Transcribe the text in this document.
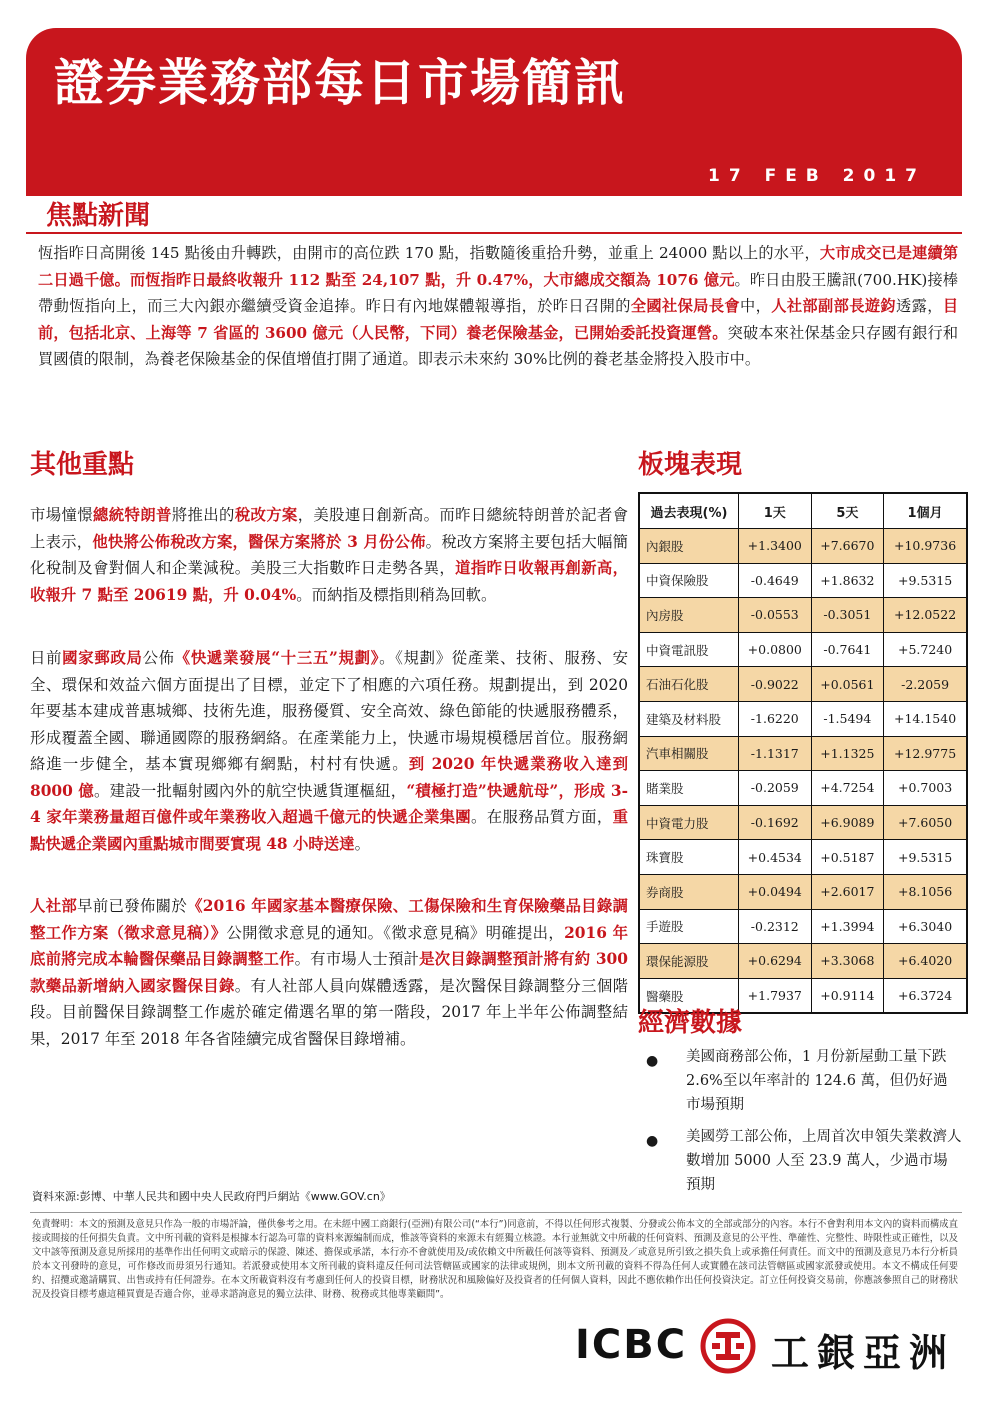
證券業務部每日市場簡訊
17 FEB 2017
焦點新聞
恆指昨日高開後 145 點後由升轉跌，由開市的高位跌 170 點，指數隨後重拾升勢，並重上 24000 點以上的水平，大市成交已是連續第二日過千億。而恆指昨日最終收報升 112 點至 24,107 點，升 0.47%，大市總成交額為 1076 億元。昨日由股王騰訊(700.HK)接棒帶動恆指向上，而三大內銀亦繼續受資金追捧。昨日有內地媒體報導指，於昨日召開的全國社保局長會中，人社部副部長遊鈞透露，目前，包括北京、上海等 7 省區的 3600 億元（人民幣，下同）養老保險基金，已開始委託投資運營。突破本來社保基金只存國有銀行和買國債的限制，為養老保險基金的保值增值打開了通道。即表示未來約 30%比例的養老基金將投入股市中。
其他重點

市場憧憬總統特朗普將推出的稅改方案，美股連日創新高。而昨日總統特朗普於記者會上表示，他快將公佈稅改方案，醫保方案將於 3 月份公佈。稅改方案將主要包括大幅簡化稅制及會對個人和企業減稅。美股三大指數昨日走勢各異，道指昨日收報再創新高，收報升 7 點至 20619 點，升 0.04%。而納指及標指則稍為回軟。

日前國家郵政局公佈《快遞業發展“十三五”規劃》。《規劃》從產業、技術、服務、安全、環保和效益六個方面提出了目標，並定下了相應的六項任務。規劃提出，到 2020 年要基本建成普惠城鄉、技術先進，服務優質、安全高效、綠色節能的快遞服務體系，形成覆蓋全國、聯通國際的服務網絡。在產業能力上，快遞市場規模穩居首位。服務網絡進一步健全，基本實現鄉鄉有網點，村村有快遞。到 2020 年快遞業務收入達到 8000 億。建設一批輻射國內外的航空快遞貨運樞紐，“積極打造”快遞航母”，形成 3-4 家年業務量超百億件或年業務收入超過千億元的快遞企業集團。在服務品質方面，重點快遞企業國內重點城市間要實現 48 小時送達。

人社部早前已發佈關於《2016 年國家基本醫療保險、工傷保險和生育保險藥品目錄調整工作方案（徵求意見稿）》公開徵求意見的通知。《徵求意見稿》明確提出，2016 年底前將完成本輪醫保藥品目錄調整工作。有市場人士預計是次目錄調整預計將有約 300 款藥品新增納入國家醫保目錄。有人社部人員向媒體透露，是次醫保目錄調整分三個階段。目前醫保目錄調整工作處於確定備選名單的第一階段，2017 年上半年公佈調整結果，2017 年至 2018 年各省陸續完成省醫保目錄增補。

板塊表現
過去表現(%)	1天	5天	1個月
內銀股	+1.3400	+7.6670	+10.9736
中資保險股	-0.4649	+1.8632	+9.5315
內房股	-0.0553	-0.3051	+12.0522
中資電訊股	+0.0800	-0.7641	+5.7240
石油石化股	-0.9022	+0.0561	-2.2059
建築及材料股	-1.6220	-1.5494	+14.1540
汽車相關股	-1.1317	+1.1325	+12.9775
賭業股	-0.2059	+4.7254	+0.7003
中資電力股	-0.1692	+6.9089	+7.6050
珠寶股	+0.4534	+0.5187	+9.5315
券商股	+0.0494	+2.6017	+8.1056
手遊股	-0.2312	+1.3994	+6.3040
環保能源股	+0.6294	+3.3068	+6.4020
醫藥股	+1.7937	+0.9114	+6.3724
經濟數據
● 美國商務部公佈，1 月份新屋動工量下跌 2.6%至以年率計的 124.6 萬，但仍好過市場預期
● 美國勞工部公佈，上周首次申領失業救濟人數增加 5000 人至 23.9 萬人，少過市場預期
資料來源:彭博、中華人民共和國中央人民政府門戶網站《www.GOV.cn》
免責聲明：本文的預測及意見只作為一般的市場評論，僅供參考之用。在未經中國工商銀行(亞洲)有限公司(“本行”)同意前，不得以任何形式複製、分發或公佈本文的全部或部分的內容。本行不會對利用本文內的資料而構成直接或間接的任何損失負責。文中所刊載的資料是根據本行認為可靠的資料來源編制而成，惟該等資料的來源未有經獨立核證。本行並無就文中所載的任何資料、預測及意見的公平性、準確性、完整性、時限性或正確性，以及文中該等預測及意見所採用的基準作出任何明文或暗示的保證、陳述、擔保或承諾，本行亦不會就使用及/或依賴文中所載任何該等資料、預測及／或意見所引致之損失負上或承擔任何責任。而文中的預測及意見乃本行分析員於本文刊發時的意見，可作修改而毋須另行通知。若派發或使用本文所刊載的資料違反任何司法管轄區或國家的法律或規例，則本文所刊載的資料不得為任何人或實體在該司法管轄區或國家派發或使用。本文不構成任何要約、招攬或邀請購買、出售或持有任何證券。在本文所載資料沒有考慮到任何人的投資目標，財務狀況和風險偏好及投資者的任何個人資料，因此不應依賴作出任何投資決定。訂立任何投資交易前，你應該參照自己的財務狀況及投資目標考慮這種買賣是否適合你，並尋求諮詢意見的獨立法律、財務、稅務或其他專業顧問”。
ICBC 工銀亞洲
